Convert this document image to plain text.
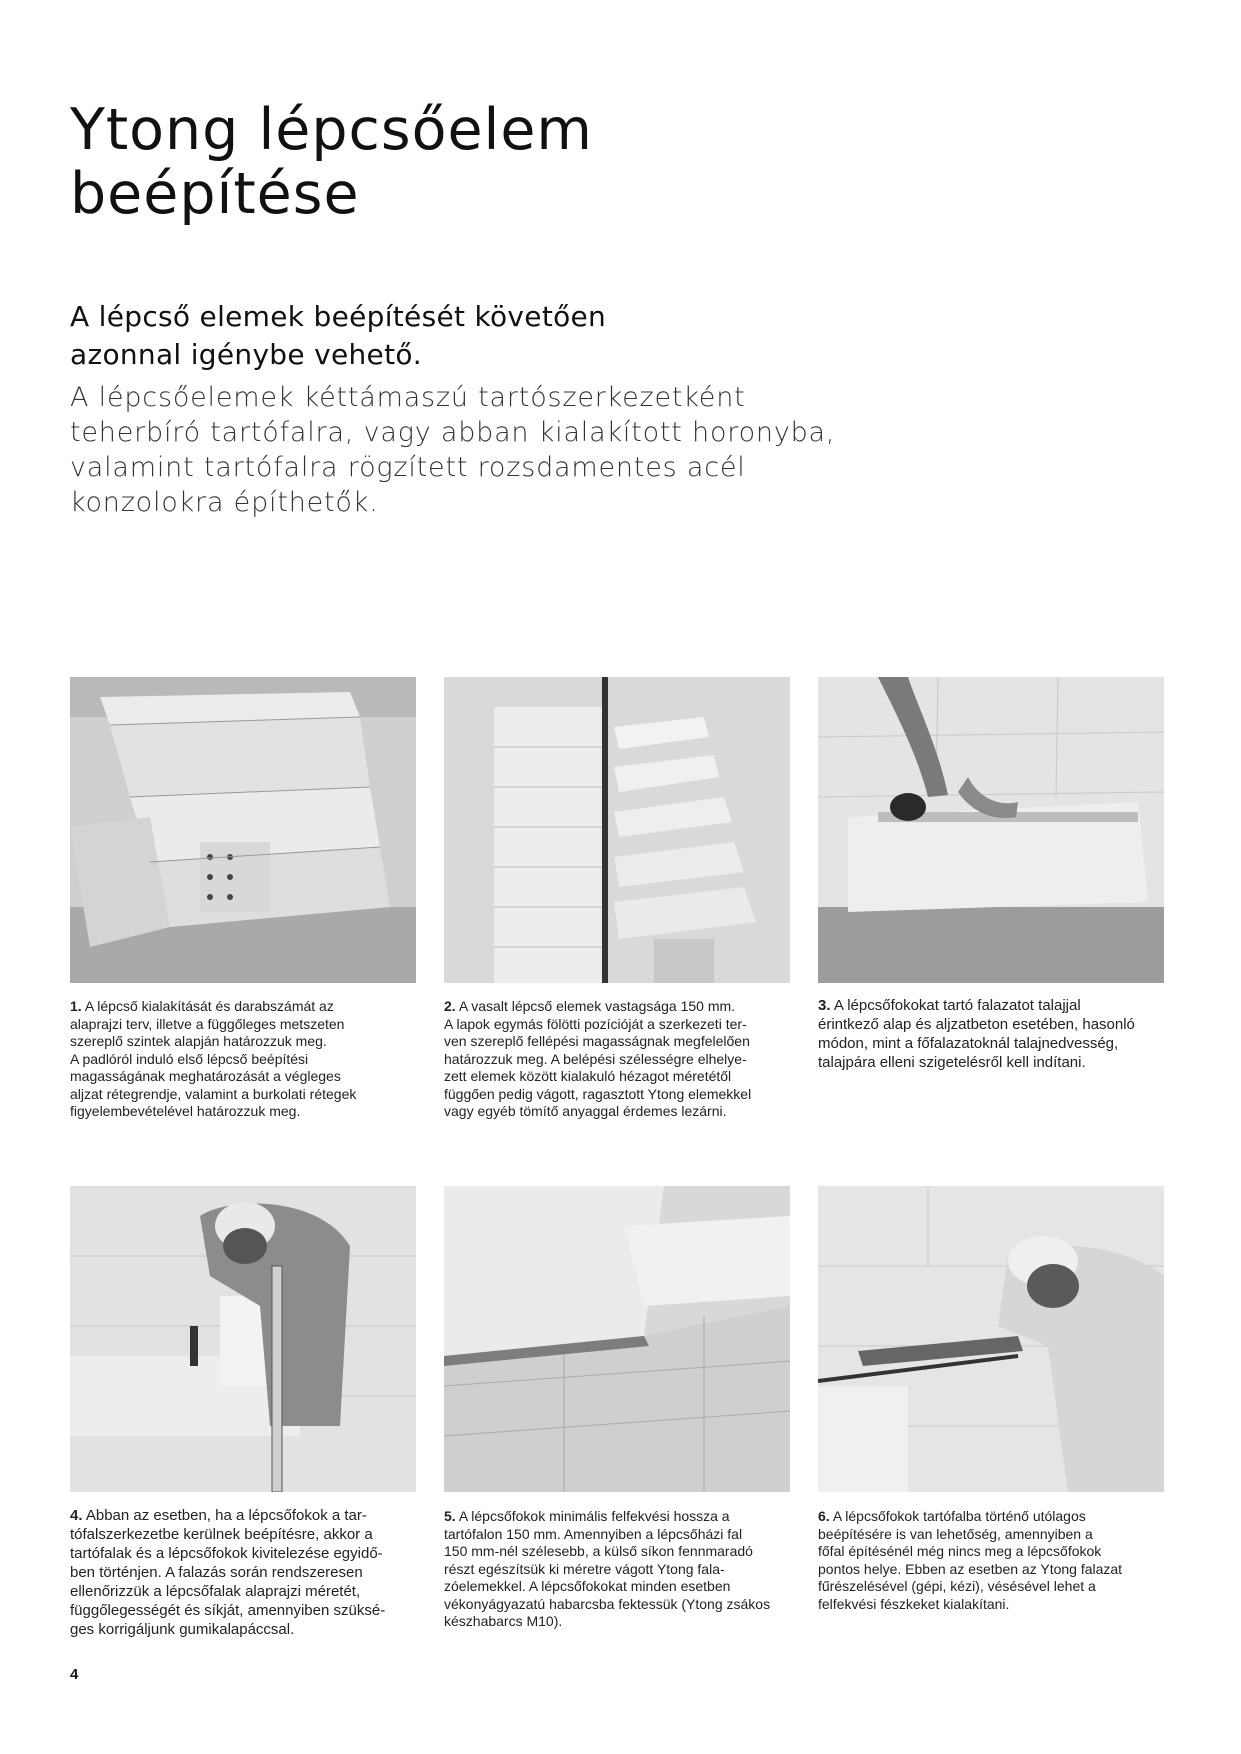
Ytong lépcsőelem
beépítése
A lépcső elemek beépítését követően
azonnal igénybe vehető.
A lépcsőelemek kéttámaszú tartószerkezetként
teherbíró tartófalra, vagy abban kialakított horonyba,
valamint tartófalra rögzített rozsdamentes acél
konzolokra építhetők.
1. A lépcső kialakítását és darabszámát az
alaprajzi terv, illetve a függőleges metszeten
szereplő szintek alapján határozzuk meg.
A padlóról induló első lépcső beépítési
magasságának meghatározását a végleges
aljzat rétegrendje, valamint a burkolati rétegek
figyelembevételével határozzuk meg.
2. A vasalt lépcső elemek vastagsága 150 mm.
A lapok egymás fölötti pozícióját a szerkezeti ter-
ven szereplő fellépési magasságnak megfelelően
határozzuk meg. A belépési szélességre elhelye-
zett elemek között kialakuló hézagot méretétől
függően pedig vágott, ragasztott Ytong elemekkel
vagy egyéb tömítő anyaggal érdemes lezárni.
3. A lépcsőfokokat tartó falazatot talajjal
érintkező alap és aljzatbeton esetében, hasonló
módon, mint a főfalazatoknál talajnedvesség,
talajpára elleni szigetelésről kell indítani.
4. Abban az esetben, ha a lépcsőfokok a tar-
tófalszerkezetbe kerülnek beépítésre, akkor a
tartófalak és a lépcsőfokok kivitelezése egyidő-
ben történjen. A falazás során rendszeresen
ellenőrizzük a lépcsőfalak alaprajzi méretét,
függőlegességét és síkját, amennyiben szüksé-
ges korrigáljunk gumikalapáccsal.
5. A lépcsőfokok minimális felfekvési hossza a
tartófalon 150 mm. Amennyiben a lépcsőházi fal
150 mm-nél szélesebb, a külső síkon fennmaradó
részt egészítsük ki méretre vágott Ytong fala-
zóelemekkel. A lépcsőfokokat minden esetben
vékonyágyazatú habarcsba fektessük (Ytong zsákos
készhabarcs M10).
6. A lépcsőfokok tartófalba történő utólagos
beépítésére is van lehetőség, amennyiben a
főfal építésénél még nincs meg a lépcsőfokok
pontos helye. Ebben az esetben az Ytong falazat
fűrészelésével (gépi, kézi), vésésével lehet a
felfekvési fészkeket kialakítani.
4
